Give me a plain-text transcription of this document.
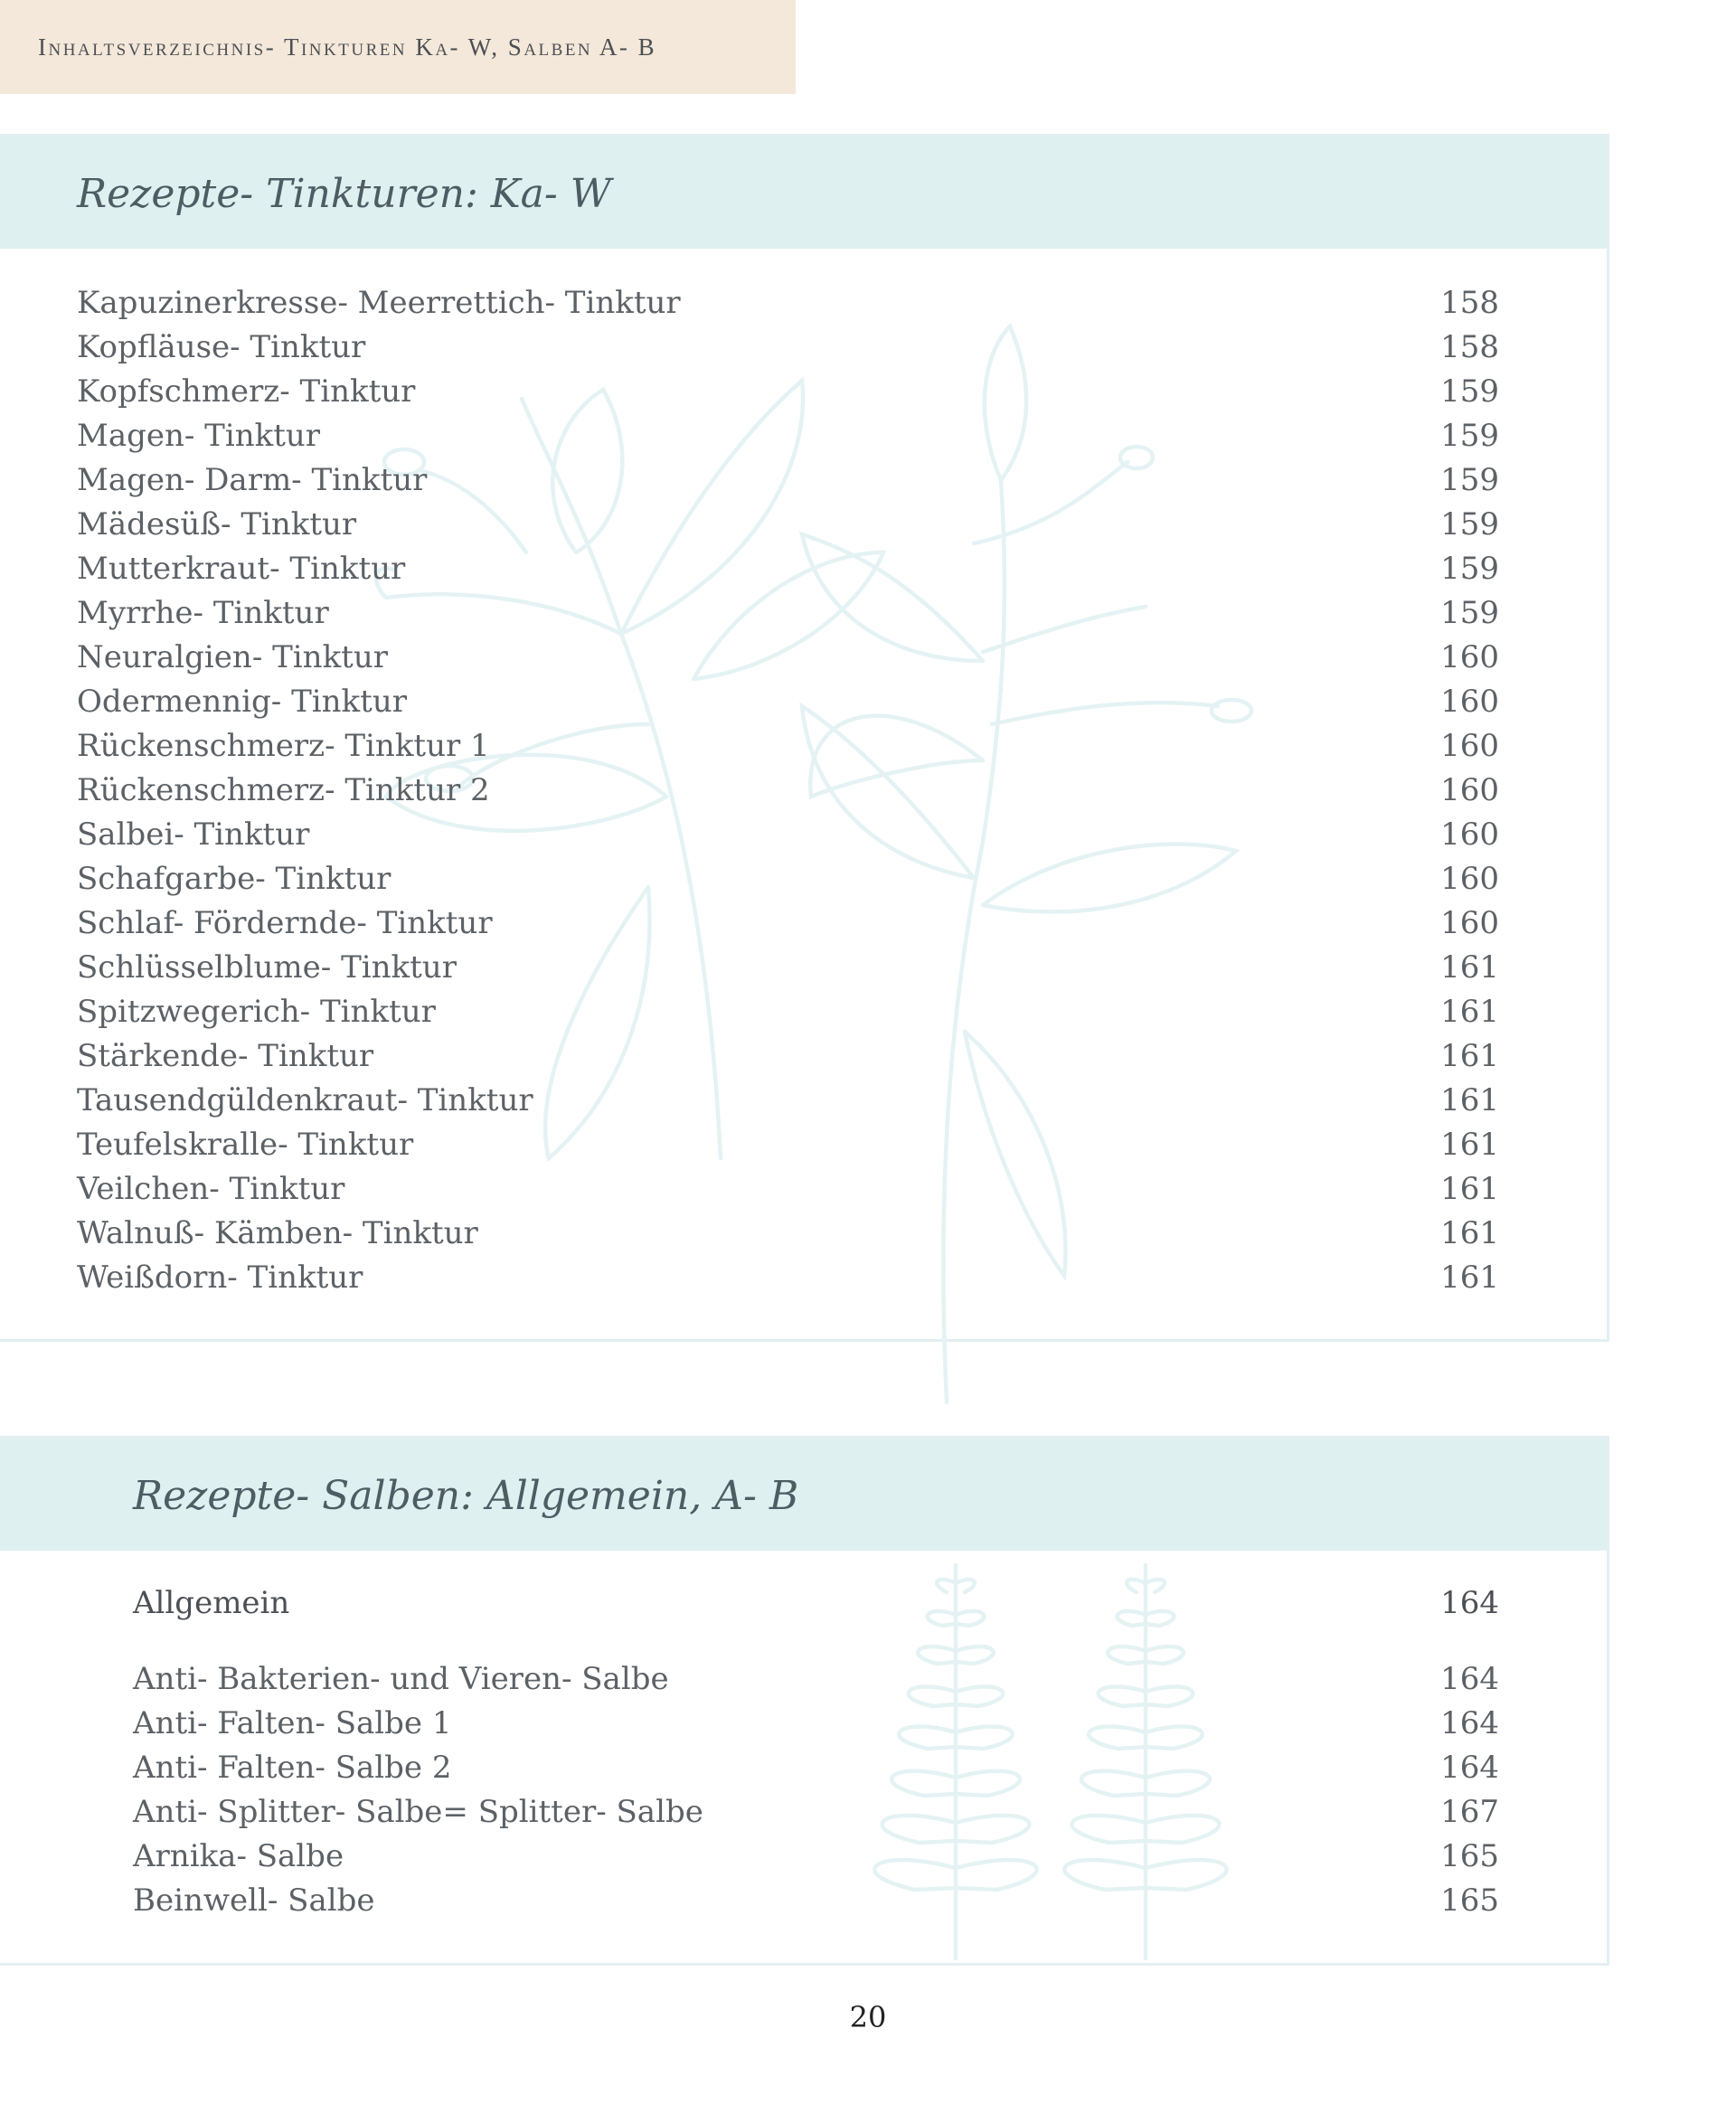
Inhaltsverzeichnis- Tinkturen Ka- W, Salben A- B
Rezepte- Tinkturen: Ka- W
Kapuzinerkresse- Meerrettich- Tinktur	158
Kopfläuse- Tinktur	158
Kopfschmerz- Tinktur	159
Magen- Tinktur	159
Magen- Darm- Tinktur	159
Mädesüß- Tinktur	159
Mutterkraut- Tinktur	159
Myrrhe- Tinktur	159
Neuralgien- Tinktur	160
Odermennig- Tinktur	160
Rückenschmerz- Tinktur 1	160
Rückenschmerz- Tinktur 2	160
Salbei- Tinktur	160
Schafgarbe- Tinktur	160
Schlaf- Förderndе- Tinktur	160
Schlüsselblume- Tinktur	161
Spitzwegerich- Tinktur	161
Stärkende- Tinktur	161
Tausendgüldenkraut- Tinktur	161
Teufelskralle- Tinktur	161
Veilchen- Tinktur	161
Walnuß- Kämben- Tinktur	161
Weißdorn- Tinktur	161
Rezepte- Salben: Allgemein, A- B
Allgemein	164
Anti- Bakterien- und Vieren- Salbe	164
Anti- Falten- Salbe 1	164
Anti- Falten- Salbe 2	164
Anti- Splitter- Salbe= Splitter- Salbe	167
Arnika- Salbe	165
Beinwell- Salbe	165
20
